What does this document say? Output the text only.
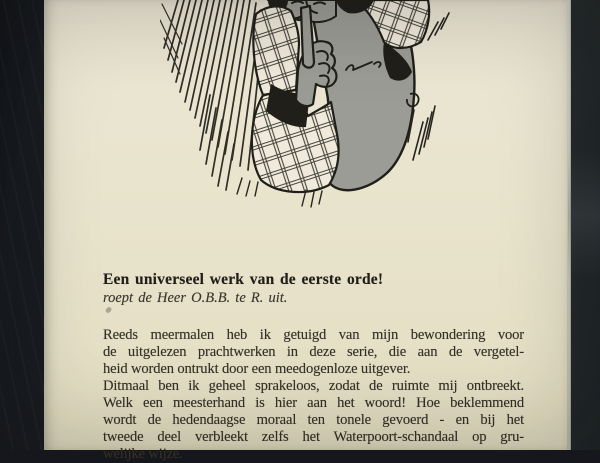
Een universeel werk van de eerste orde!
roept de Heer O.B.B. te R. uit.
Reeds meermalen heb ik getuigd van mijn bewondering voor
de uitgelezen prachtwerken in deze serie, die aan de vergetel-
heid worden ontrukt door een meedogenloze uitgever.
Ditmaal ben ik geheel sprakeloos, zodat de ruimte mij ontbreekt.
Welk een meesterhand is hier aan het woord! Hoe beklemmend
wordt de hedendaagse moraal ten tonele gevoerd - en bij het
tweede deel verbleekt zelfs het Waterpoort-schandaal op gru-
welijke wijze.
